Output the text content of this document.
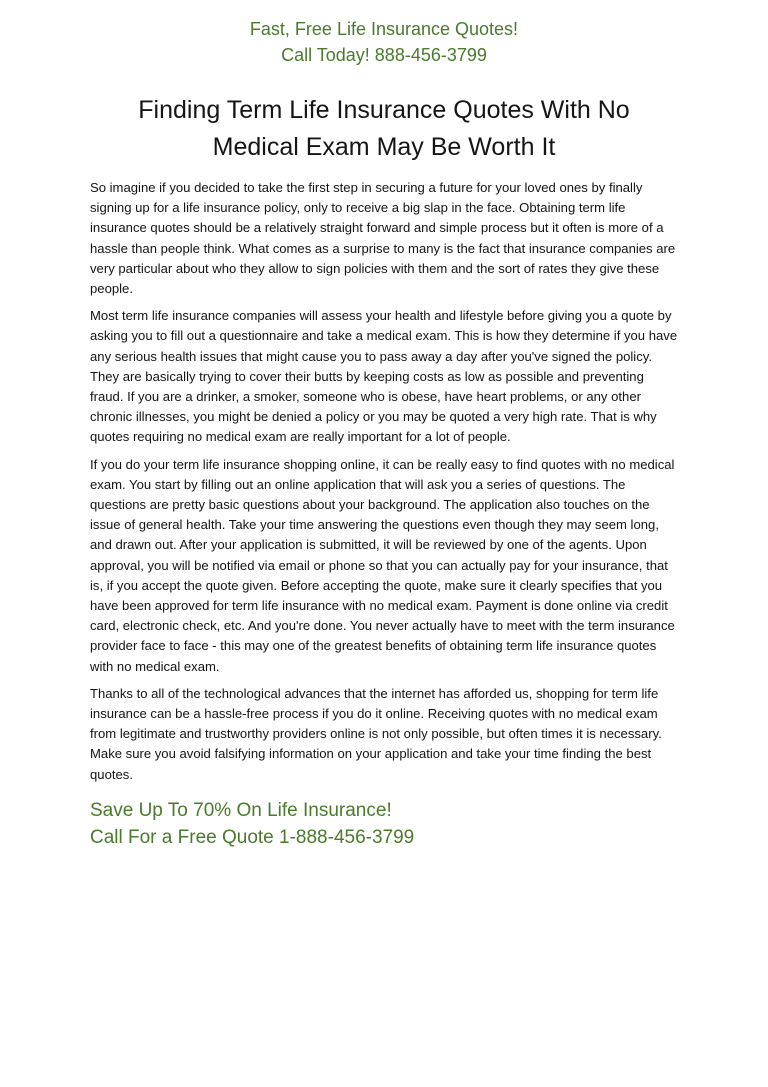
Fast, Free Life Insurance Quotes!
Call Today! 888-456-3799
Finding Term Life Insurance Quotes With No Medical Exam May Be Worth It

So imagine if you decided to take the first step in securing a future for your loved ones by finally signing up for a life insurance policy, only to receive a big slap in the face. Obtaining term life insurance quotes should be a relatively straight forward and simple process but it often is more of a hassle than people think. What comes as a surprise to many is the fact that insurance companies are very particular about who they allow to sign policies with them and the sort of rates they give these people.

Most term life insurance companies will assess your health and lifestyle before giving you a quote by asking you to fill out a questionnaire and take a medical exam. This is how they determine if you have any serious health issues that might cause you to pass away a day after you've signed the policy. They are basically trying to cover their butts by keeping costs as low as possible and preventing fraud. If you are a drinker, a smoker, someone who is obese, have heart problems, or any other chronic illnesses, you might be denied a policy or you may be quoted a very high rate. That is why quotes requiring no medical exam are really important for a lot of people.

If you do your term life insurance shopping online, it can be really easy to find quotes with no medical exam. You start by filling out an online application that will ask you a series of questions. The questions are pretty basic questions about your background. The application also touches on the issue of general health. Take your time answering the questions even though they may seem long, and drawn out. After your application is submitted, it will be reviewed by one of the agents. Upon approval, you will be notified via email or phone so that you can actually pay for your insurance, that is, if you accept the quote given. Before accepting the quote, make sure it clearly specifies that you have been approved for term life insurance with no medical exam. Payment is done online via credit card, electronic check, etc. And you're done. You never actually have to meet with the term insurance provider face to face - this may one of the greatest benefits of obtaining term life insurance quotes with no medical exam.

Thanks to all of the technological advances that the internet has afforded us, shopping for term life insurance can be a hassle-free process if you do it online. Receiving quotes with no medical exam from legitimate and trustworthy providers online is not only possible, but often times it is necessary. Make sure you avoid falsifying information on your application and take your time finding the best quotes.

Save Up To 70% On Life Insurance!
Call For a Free Quote 1-888-456-3799
